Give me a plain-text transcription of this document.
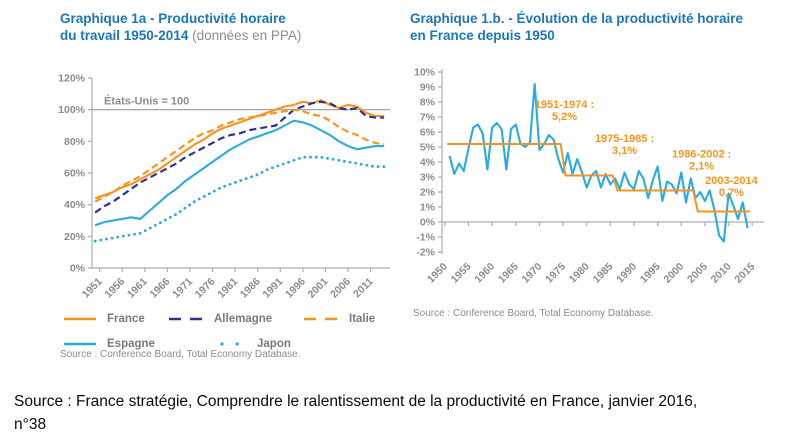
Graphique 1a - Productivité horaire
du travail 1950-2014 (données en PPA)
Graphique 1.b. - Évolution de la productivité horaire
en France depuis 1950
0%
20%
40%
60%
80%
100%
120%
États-Unis = 100
1951
1956
1961
1966
1971
1976
1981
1986
1991
1996
2001
2006
2011
-2%
-1%
0%
1%
2%
3%
4%
5%
6%
7%
8%
9%
10%
1950
1955
1960
1965
1970
1975
1980
1985
1990
1995
2000
2005
2010
2015
1951-1974 :
5,2%
1975-1985 :
3,1%	1986-2002 :
2,1%
2003-2014
0,7%
France	Allemagne	Italie
Espagne	Japon
Source : Conference Board, Total Economy Database.
Source : Conference Board, Total Economy Database.

Source : France stratégie, Comprendre le ralentissement de la productivité en France, janvier 2016,
n°38
